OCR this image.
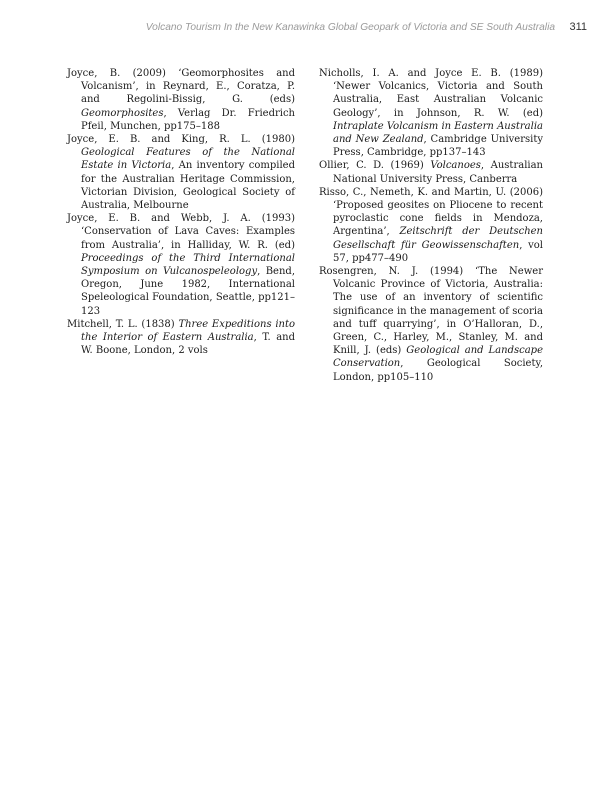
Volcano Tourism In the New Kanawinka Global Geopark of Victoria and SE South Australia 311

Joyce, B. (2009) ‘Geomorphosites and Volcanism’, in Reynard, E., Coratza, P. and Regolini-Bissig, G. (eds) Geomorphosites, Verlag Dr. Friedrich Pfeil, Munchen, pp175–188

Joyce, E. B. and King, R. L. (1980) Geological Features of the National Estate in Victoria, An inventory compiled for the Australian Heritage Commission, Victorian Division, Geological Society of Australia, Melbourne

Joyce, E. B. and Webb, J. A. (1993) ‘Conservation of Lava Caves: Examples from Australia’, in Halliday, W. R. (ed) Proceedings of the Third International Symposium on Vulcanospeleology, Bend, Oregon, June 1982, International Speleological Foundation, Seattle, pp121–123

Mitchell, T. L. (1838) Three Expeditions into the Interior of Eastern Australia, T. and W. Boone, London, 2 vols

Nicholls, I. A. and Joyce E. B. (1989) ‘Newer Volcanics, Victoria and South Australia, East Australian Volcanic Geology’, in Johnson, R. W. (ed) Intraplate Volcanism in Eastern Australia and New Zealand, Cambridge University Press, Cambridge, pp137–143

Ollier, C. D. (1969) Volcanoes, Australian National University Press, Canberra

Risso, C., Nemeth, K. and Martin, U. (2006) ‘Proposed geosites on Pliocene to recent pyroclastic cone fields in Mendoza, Argentina’, Zeitschrift der Deutschen Gesellschaft für Geowissenschaften, vol 57, pp477–490

Rosengren, N. J. (1994) ‘The Newer Volcanic Province of Victoria, Australia: The use of an inventory of scientific significance in the management of scoria and tuff quarrying’, in O’Halloran, D., Green, C., Harley, M., Stanley, M. and Knill, J. (eds) Geological and Landscape Conservation, Geological Society, London, pp105–110
